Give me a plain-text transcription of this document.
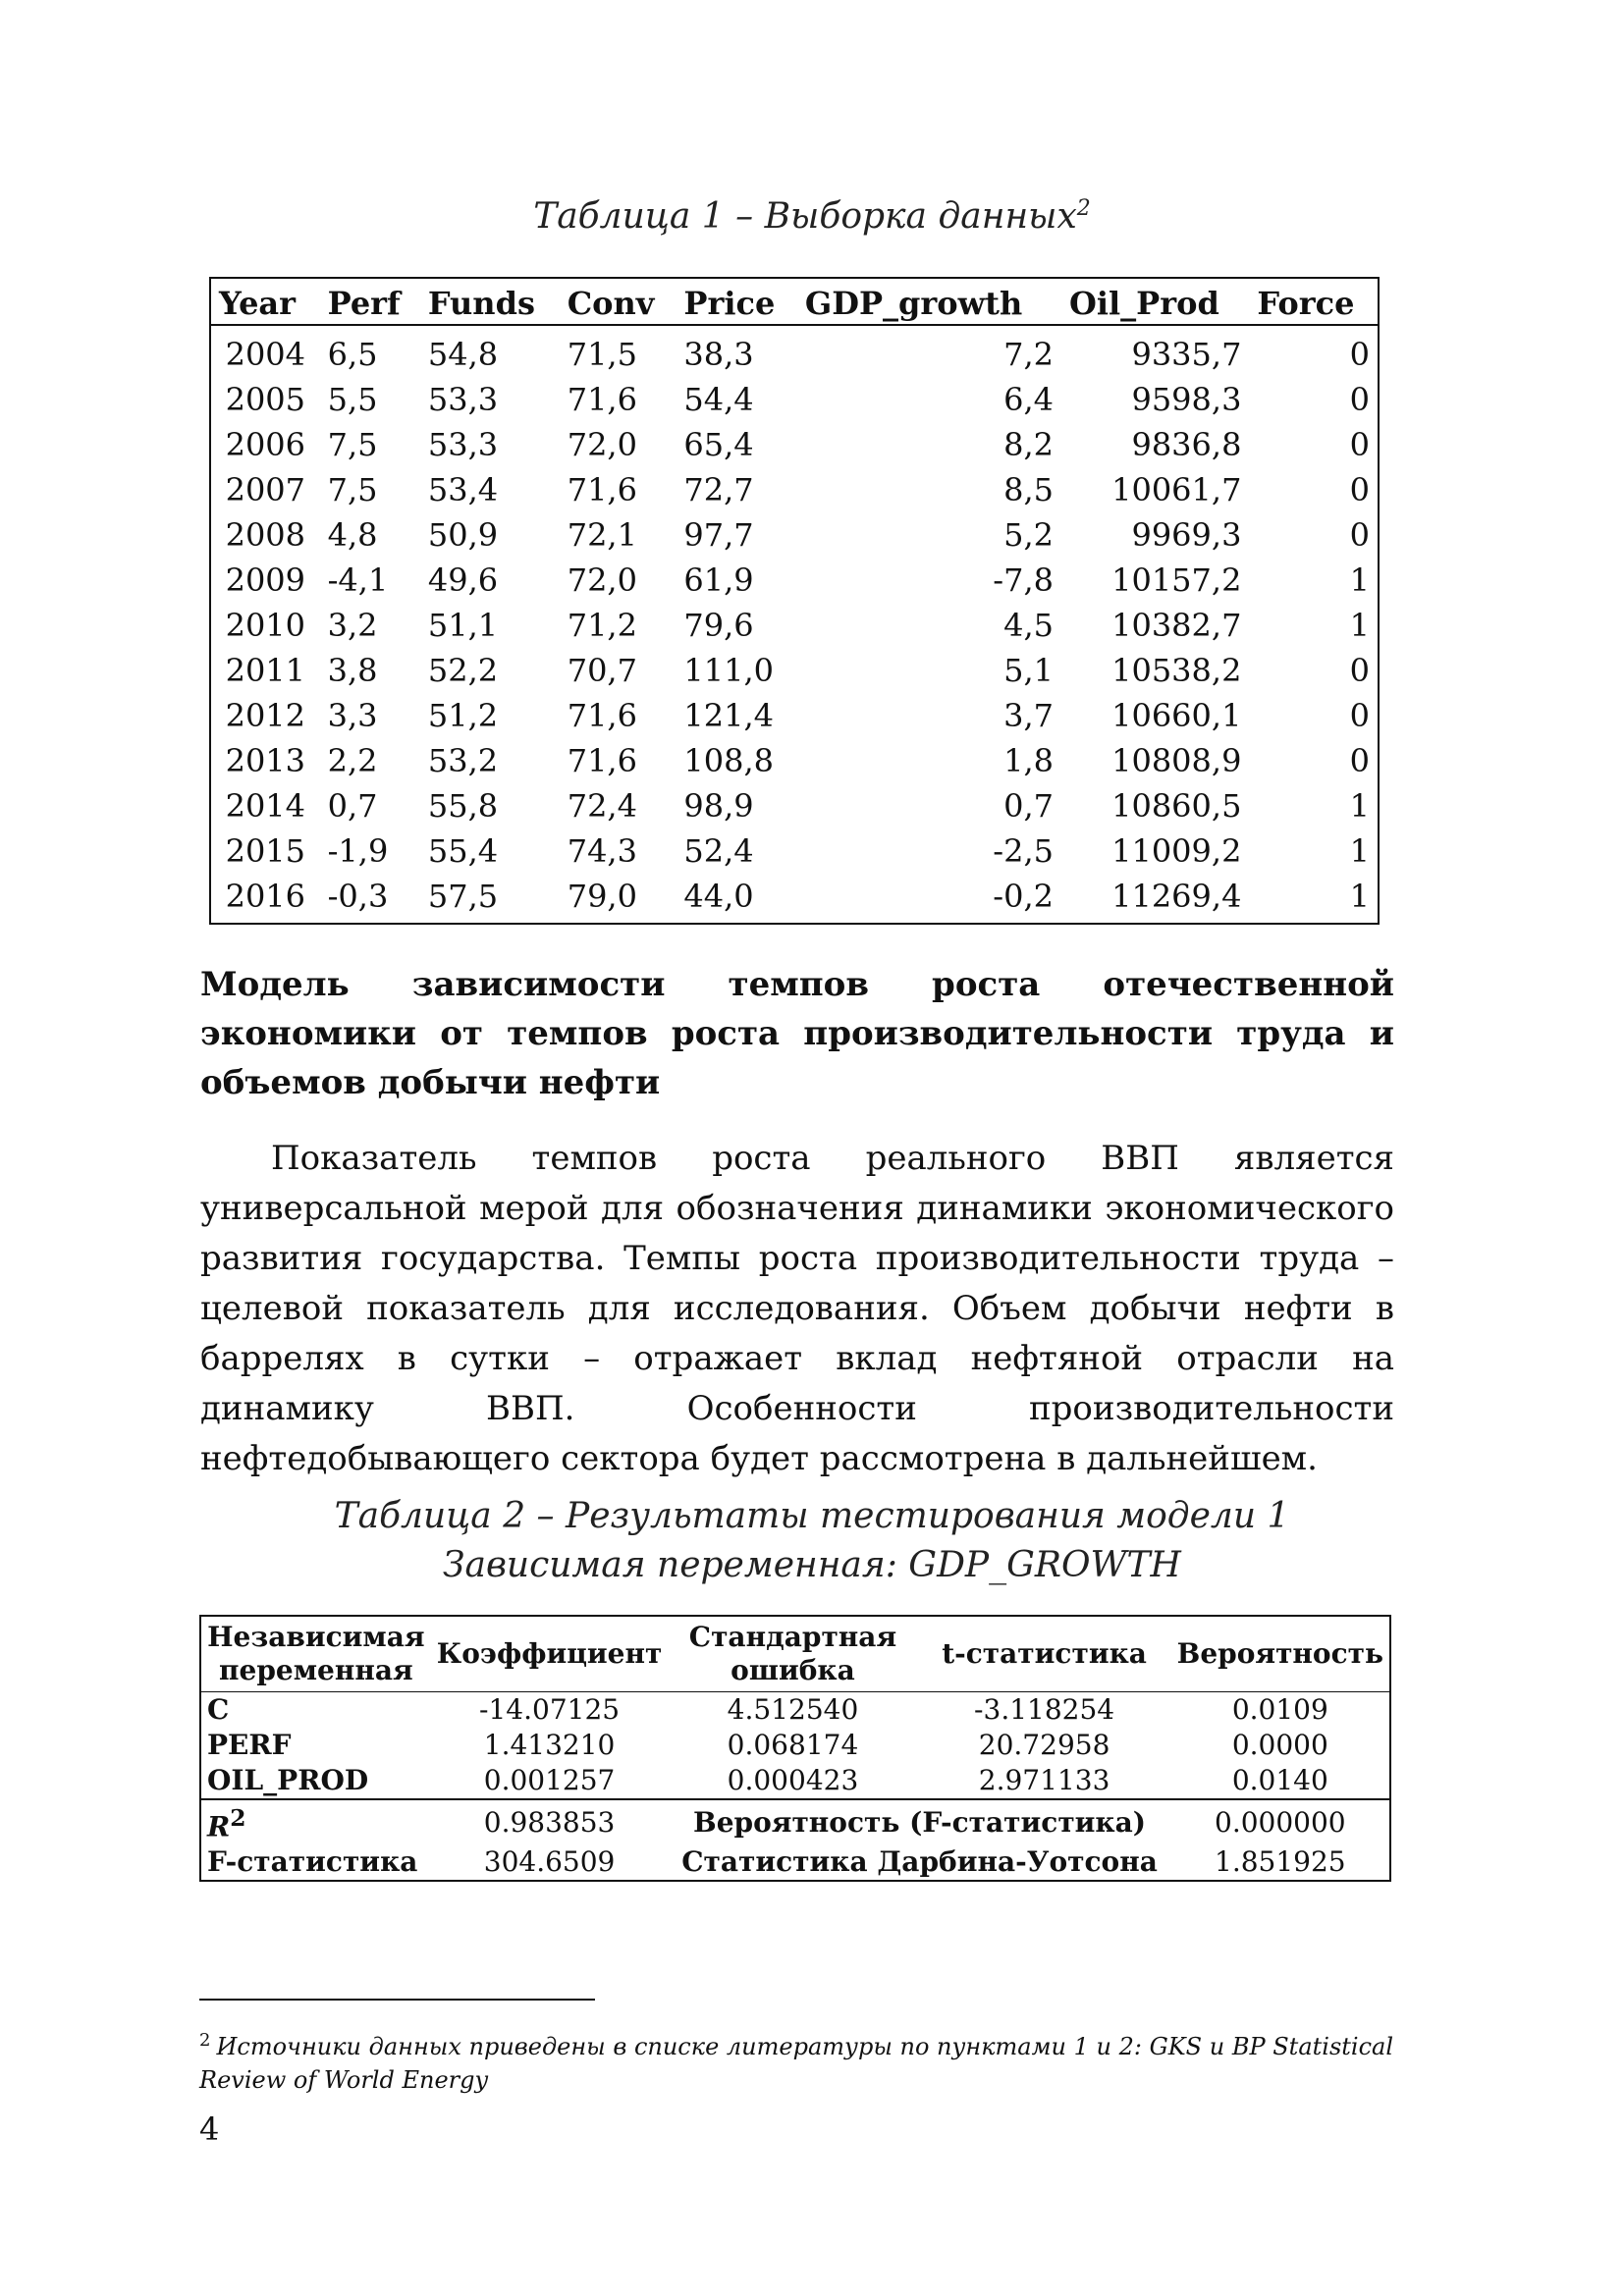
Таблица 1 – Выборка данных$^2$
Year	Perf	Funds	Conv	Price	GDP_growth	Oil_Prod	Force
2004	6,5	54,8	71,5	38,3	7,2	9335,7	0
2005	5,5	53,3	71,6	54,4	6,4	9598,3	0
2006	7,5	53,3	72,0	65,4	8,2	9836,8	0
2007	7,5	53,4	71,6	72,7	8,5	10061,7	0
2008	4,8	50,9	72,1	97,7	5,2	9969,3	0
2009	-4,1	49,6	72,0	61,9	-7,8	10157,2	1
2010	3,2	51,1	71,2	79,6	4,5	10382,7	1
2011	3,8	52,2	70,7	111,0	5,1	10538,2	0
2012	3,3	51,2	71,6	121,4	3,7	10660,1	0
2013	2,2	53,2	71,6	108,8	1,8	10808,9	0
2014	0,7	55,8	72,4	98,9	0,7	10860,5	1
2015	-1,9	55,4	74,3	52,4	-2,5	11009,2	1
2016	-0,3	57,5	79,0	44,0	-0,2	11269,4	1
Модель зависимости темпов роста отечественной экономики от темпов роста производительности труда и объемов добычи нефти
Показатель темпов роста реального ВВП является универсальной мерой для обозначения динамики экономического развития государства. Темпы роста производительности труда – целевой показатель для исследования. Объем добычи нефти в баррелях в сутки – отражает вклад нефтяной отрасли на динамику ВВП. Особенности производительности нефтедобывающего сектора будет рассмотрена в дальнейшем.
Таблица 2 – Результаты тестирования модели 1
Зависимая переменная: GDP_GROWTH
Независимая переменная	Коэффициент	Стандартная ошибка	t-статистика	Вероятность
C	-14.07125	4.512540	-3.118254	0.0109
PERF	1.413210	0.068174	20.72958	0.0000
OIL_PROD	0.001257	0.000423	2.971133	0.0140
$R^2$	0.983853	Вероятность (F-статистика)		0.000000
F-статистика	304.6509	Статистика Дарбина-Уотсона		1.851925
$^2$ Источники данных приведены в списке литературы по пунктами 1 и 2: GKS и BP Statistical Review of World Energy
4
